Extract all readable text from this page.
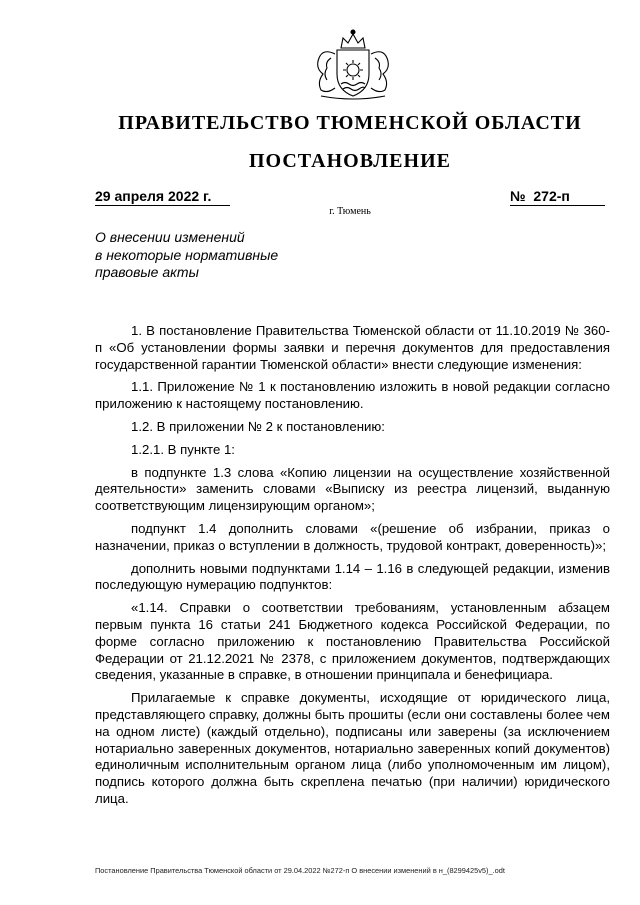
ПРАВИТЕЛЬСТВО ТЮМЕНСКОЙ ОБЛАСТИ
ПОСТАНОВЛЕНИЕ
29 апреля 2022 г.	№  272-п
г. Тюмень
О внесении изменений
в некоторые нормативные
правовые акты

1. В постановление Правительства Тюменской области от 11.10.2019 № 360-п «Об установлении формы заявки и перечня документов для предоставления государственной гарантии Тюменской области» внести следующие изменения:

1.1. Приложение № 1 к постановлению изложить в новой редакции согласно приложению к настоящему постановлению.

1.2. В приложении № 2 к постановлению:

1.2.1. В пункте 1:

в подпункте 1.3 слова «Копию лицензии на осуществление хозяйственной деятельности» заменить словами «Выписку из реестра лицензий, выданную соответствующим лицензирующим органом»;

подпункт 1.4 дополнить словами «(решение об избрании, приказ о назначении, приказ о вступлении в должность, трудовой контракт, доверенность)»;

дополнить новыми подпунктами 1.14 – 1.16 в следующей редакции, изменив последующую нумерацию подпунктов:

«1.14. Справки о соответствии требованиям, установленным абзацем первым пункта 16 статьи 241 Бюджетного кодекса Российской Федерации, по форме согласно приложению к постановлению Правительства Российской Федерации от 21.12.2021 № 2378, с приложением документов, подтверждающих сведения, указанные в справке, в отношении принципала и бенефициара.

Прилагаемые к справке документы, исходящие от юридического лица, представляющего справку, должны быть прошиты (если они составлены более чем на одном листе) (каждый отдельно), подписаны или заверены (за исключением нотариально заверенных документов, нотариально заверенных копий документов) единоличным исполнительным органом лица (либо уполномоченным им лицом), подпись которого должна быть скреплена печатью (при наличии) юридического лица.

Постановление Правительства Тюменской области от 29.04.2022 №272-п О внесении изменений в н_(8299425v5)_.odt
